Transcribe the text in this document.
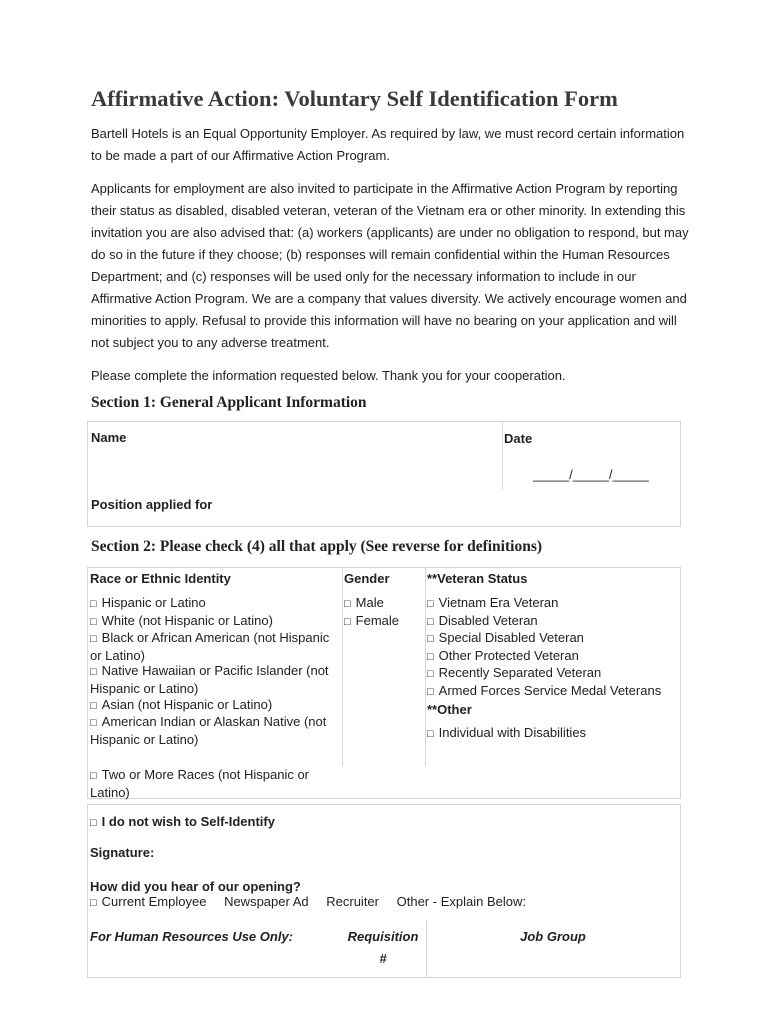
Affirmative Action: Voluntary Self Identification Form
Bartell Hotels is an Equal Opportunity Employer. As required by law, we must record certain information to be made a part of our Affirmative Action Program.
Applicants for employment are also invited to participate in the Affirmative Action Program by reporting their status as disabled, disabled veteran, veteran of the Vietnam era or other minority. In extending this invitation you are also advised that: (a) workers (applicants) are under no obligation to respond, but may do so in the future if they choose; (b) responses will remain confidential within the Human Resources Department; and (c) responses will be used only for the necessary information to include in our Affirmative Action Program. We are a company that values diversity. We actively encourage women and minorities to apply. Refusal to provide this information will have no bearing on your application and will not subject you to any adverse treatment.
Please complete the information requested below. Thank you for your cooperation.
Section 1: General Applicant Information
Name	Date
_____/_____/_____
Position applied for
Section 2: Please check (4) all that apply (See reverse for definitions)
Race or Ethnic Identity
□ Hispanic or Latino
□ White (not Hispanic or Latino)
□ Black or African American (not Hispanic or Latino)
□ Native Hawaiian or Pacific Islander (not Hispanic or Latino)
□ Asian (not Hispanic or Latino)
□ American Indian or Alaskan Native (not Hispanic or Latino)
□ Two or More Races (not Hispanic or Latino)
Gender
□ Male
□ Female
**Veteran Status
□ Vietnam Era Veteran
□ Disabled Veteran
□ Special Disabled Veteran
□ Other Protected Veteran
□ Recently Separated Veteran
□ Armed Forces Service Medal Veterans
**Other
□ Individual with Disabilities
□ I do not wish to Self-Identify
Signature:
How did you hear of our opening?
□ Current Employee Newspaper Ad Recruiter Other - Explain Below:
For Human Resources Use Only:	Requisition
#
Job Group
